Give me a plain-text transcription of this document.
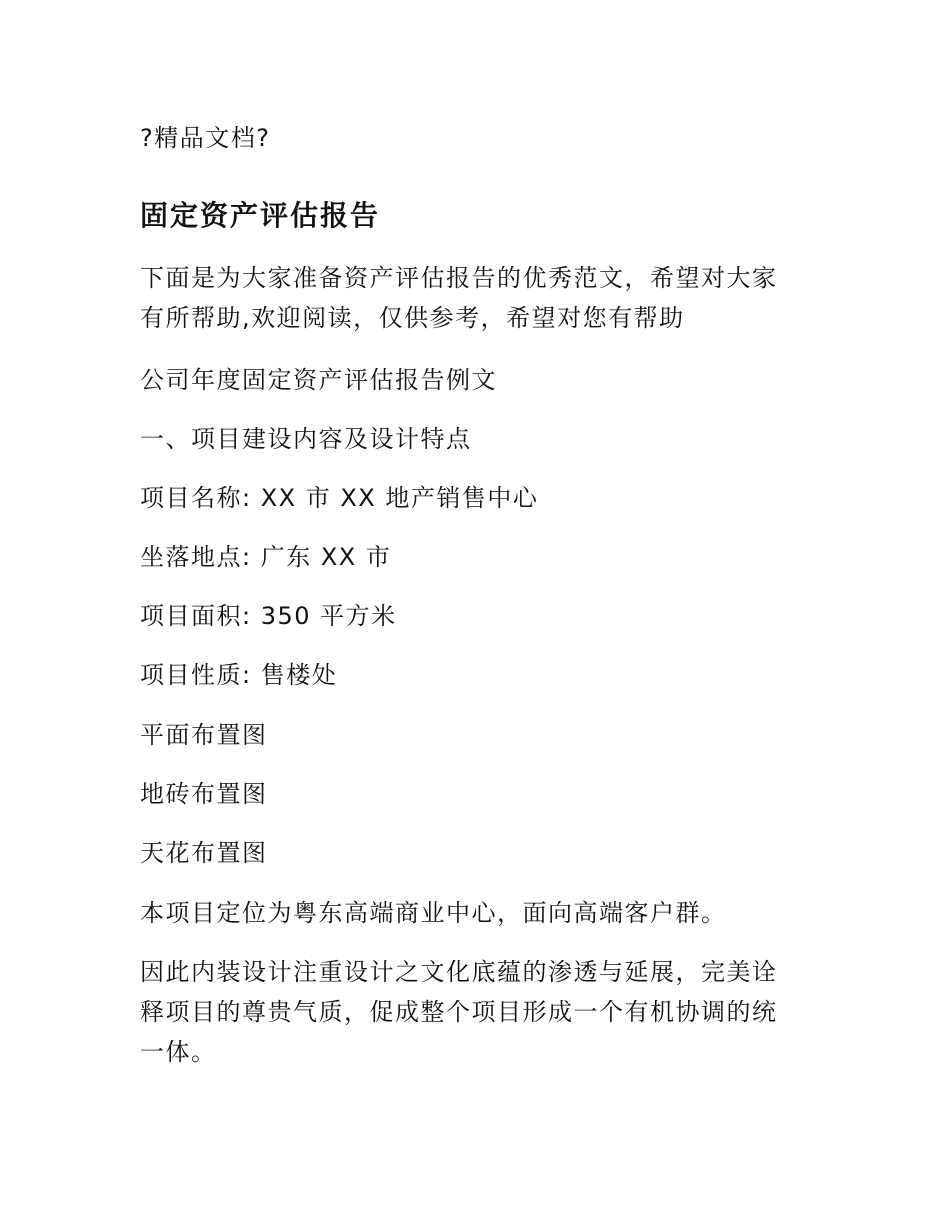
?精品文档?

固定资产评估报告

下面是为大家准备资产评估报告的优秀范文，希望对大家有所帮助,欢迎阅读，仅供参考，希望对您有帮助

公司年度固定资产评估报告例文

一、项目建设内容及设计特点

项目名称: XX 市 XX 地产销售中心

坐落地点: 广东 XX 市

项目面积: 350 平方米

项目性质: 售楼处

平面布置图

地砖布置图

天花布置图

本项目定位为粤东高端商业中心，面向高端客户群。

因此内装设计注重设计之文化底蕴的渗透与延展，完美诠释项目的尊贵气质，促成整个项目形成一个有机协调的统一体。
